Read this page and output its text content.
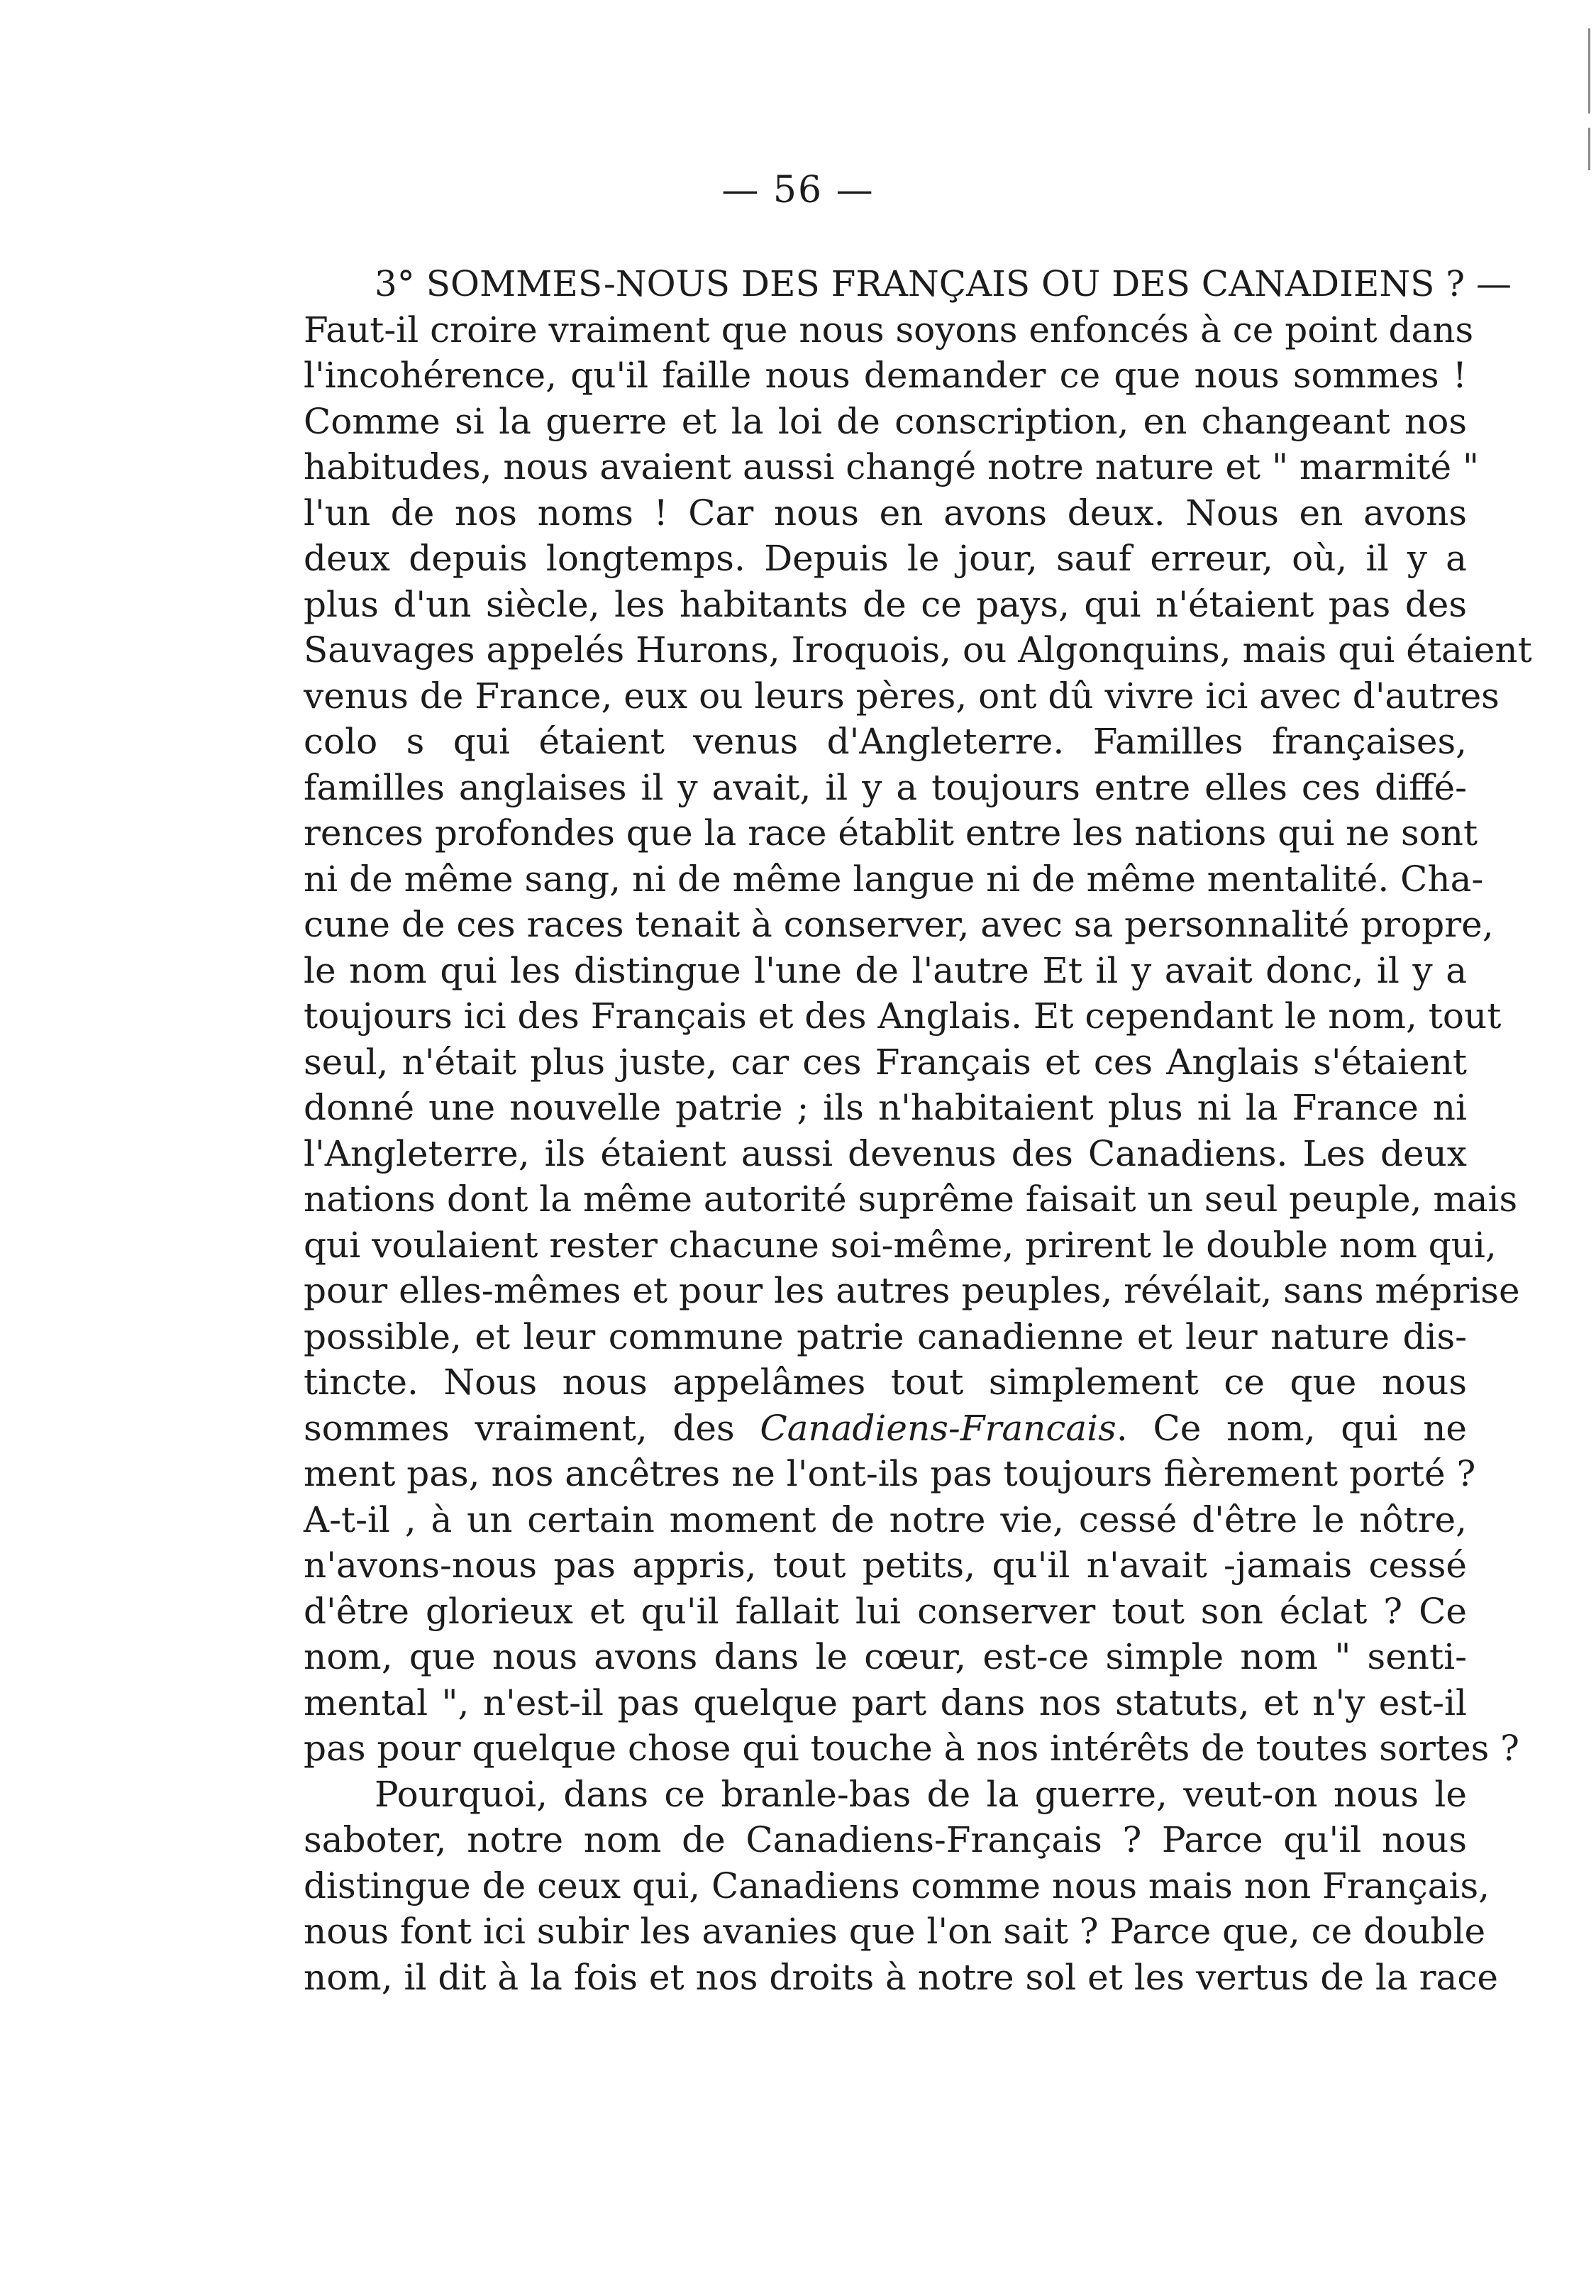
— 56 —
3° SOMMES-NOUS DES FRANÇAIS OU DES CANADIENS ? —
Faut-il croire vraiment que nous soyons enfoncés à ce point dans
l'incohérence, qu'il faille nous demander ce que nous sommes !
Comme si la guerre et la loi de conscription, en changeant nos
habitudes, nous avaient aussi changé notre nature et " marmité "
l'un de nos noms ! Car nous en avons deux. Nous en avons
deux depuis longtemps. Depuis le jour, sauf erreur, où, il y a
plus d'un siècle, les habitants de ce pays, qui n'étaient pas des
Sauvages appelés Hurons, Iroquois, ou Algonquins, mais qui étaient
venus de France, eux ou leurs pères, ont dû vivre ici avec d'autres
colo s qui étaient venus d'Angleterre. Familles françaises,
familles anglaises il y avait, il y a toujours entre elles ces diffé-
rences profondes que la race établit entre les nations qui ne sont
ni de même sang, ni de même langue ni de même mentalité. Cha-
cune de ces races tenait à conserver, avec sa personnalité propre,
le nom qui les distingue l'une de l'autre Et il y avait donc, il y a
toujours ici des Français et des Anglais. Et cependant le nom, tout
seul, n'était plus juste, car ces Français et ces Anglais s'étaient
donné une nouvelle patrie ; ils n'habitaient plus ni la France ni
l'Angleterre, ils étaient aussi devenus des Canadiens. Les deux
nations dont la même autorité suprême faisait un seul peuple, mais
qui voulaient rester chacune soi-même, prirent le double nom qui,
pour elles-mêmes et pour les autres peuples, révélait, sans méprise
possible, et leur commune patrie canadienne et leur nature dis-
tincte. Nous nous appelâmes tout simplement ce que nous
sommes vraiment, des Canadiens-Francais. Ce nom, qui ne
ment pas, nos ancêtres ne l'ont-ils pas toujours fièrement porté ?
A-t-il , à un certain moment de notre vie, cessé d'être le nôtre,
n'avons-nous pas appris, tout petits, qu'il n'avait -jamais cessé
d'être glorieux et qu'il fallait lui conserver tout son éclat ? Ce
nom, que nous avons dans le cœur, est-ce simple nom " senti-
mental ", n'est-il pas quelque part dans nos statuts, et n'y est-il
pas pour quelque chose qui touche à nos intérêts de toutes sortes ?
Pourquoi, dans ce branle-bas de la guerre, veut-on nous le
saboter, notre nom de Canadiens-Français ? Parce qu'il nous
distingue de ceux qui, Canadiens comme nous mais non Français,
nous font ici subir les avanies que l'on sait ? Parce que, ce double
nom, il dit à la fois et nos droits à notre sol et les vertus de la race
